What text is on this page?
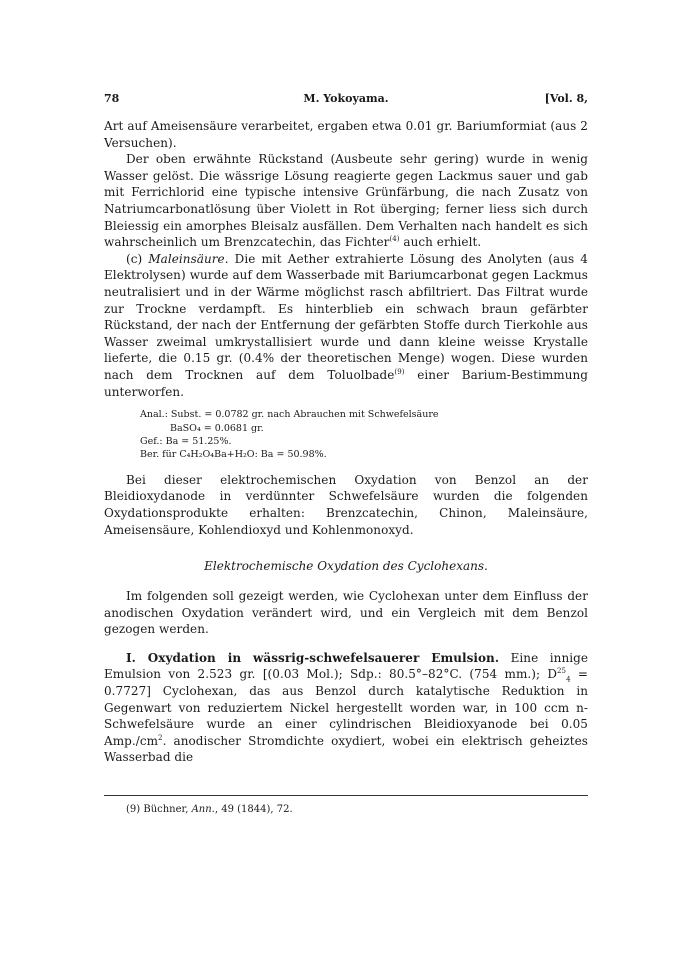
78	M. Yokoyama.	[Vol. 8,

Art auf Ameisensäure verarbeitet, ergaben etwa 0.01 gr. Bariumformiat (aus 2 Versuchen).

Der oben erwähnte Rückstand (Ausbeute sehr gering) wurde in wenig Wasser gelöst. Die wässrige Lösung reagierte gegen Lackmus sauer und gab mit Ferrichlorid eine typische intensive Grünfärbung, die nach Zusatz von Natriumcarbonatlösung über Violett in Rot überging; ferner liess sich durch Bleiessig ein amorphes Bleisalz ausfällen. Dem Verhalten nach handelt es sich wahrscheinlich um Brenzcatechin, das Fichter$^{(4)}$ auch erhielt.

(c) Maleinsäure. Die mit Aether extrahierte Lösung des Anolyten (aus 4 Elektrolysen) wurde auf dem Wasserbade mit Bariumcarbonat gegen Lackmus neutralisiert und in der Wärme möglichst rasch abfiltriert. Das Filtrat wurde zur Trockne verdampft. Es hinterblieb ein schwach braun gefärbter Rückstand, der nach der Entfernung der gefärbten Stoffe durch Tierkohle aus Wasser zweimal umkrystallisiert wurde und dann kleine weisse Krystalle lieferte, die 0.15 gr. (0.4% der theoretischen Menge) wogen. Diese wurden nach dem Trocknen auf dem Toluolbade$^{(9)}$ einer Barium-Bestimmung unterworfen.

Anal.: Subst. = 0.0782 gr. nach Abrauchen mit Schwefelsäure
BaSO₄ = 0.0681 gr.
Gef.: Ba = 51.25%.
Ber. für C₄H₂O₄Ba+H₂O: Ba = 50.98%.

Bei dieser elektrochemischen Oxydation von Benzol an der Bleidioxydanode in verdünnter Schwefelsäure wurden die folgenden Oxydationsprodukte erhalten: Brenzcatechin, Chinon, Maleinsäure, Ameisensäure, Kohlendioxyd und Kohlenmonoxyd.

Elektrochemische Oxydation des Cyclohexans.

Im folgenden soll gezeigt werden, wie Cyclohexan unter dem Einfluss der anodischen Oxydation verändert wird, und ein Vergleich mit dem Benzol gezogen werden.

I. Oxydation in wässrig-schwefelsauerer Emulsion. Eine innige Emulsion von 2.523 gr. [(0.03 Mol.); Sdp.: 80.5°–82°C. (754 mm.); $D^{25}_4 = 0.7727$] Cyclohexan, das aus Benzol durch katalytische Reduktion in Gegenwart von reduziertem Nickel hergestellt worden war, in 100 ccm n-Schwefelsäure wurde an einer cylindrischen Bleidioxyanode bei 0.05 $Amp./cm^2$. anodischer Stromdichte oxydiert, wobei ein elektrisch geheiztes Wasserbad die

(9) Büchner, Ann., 49 (1844), 72.
